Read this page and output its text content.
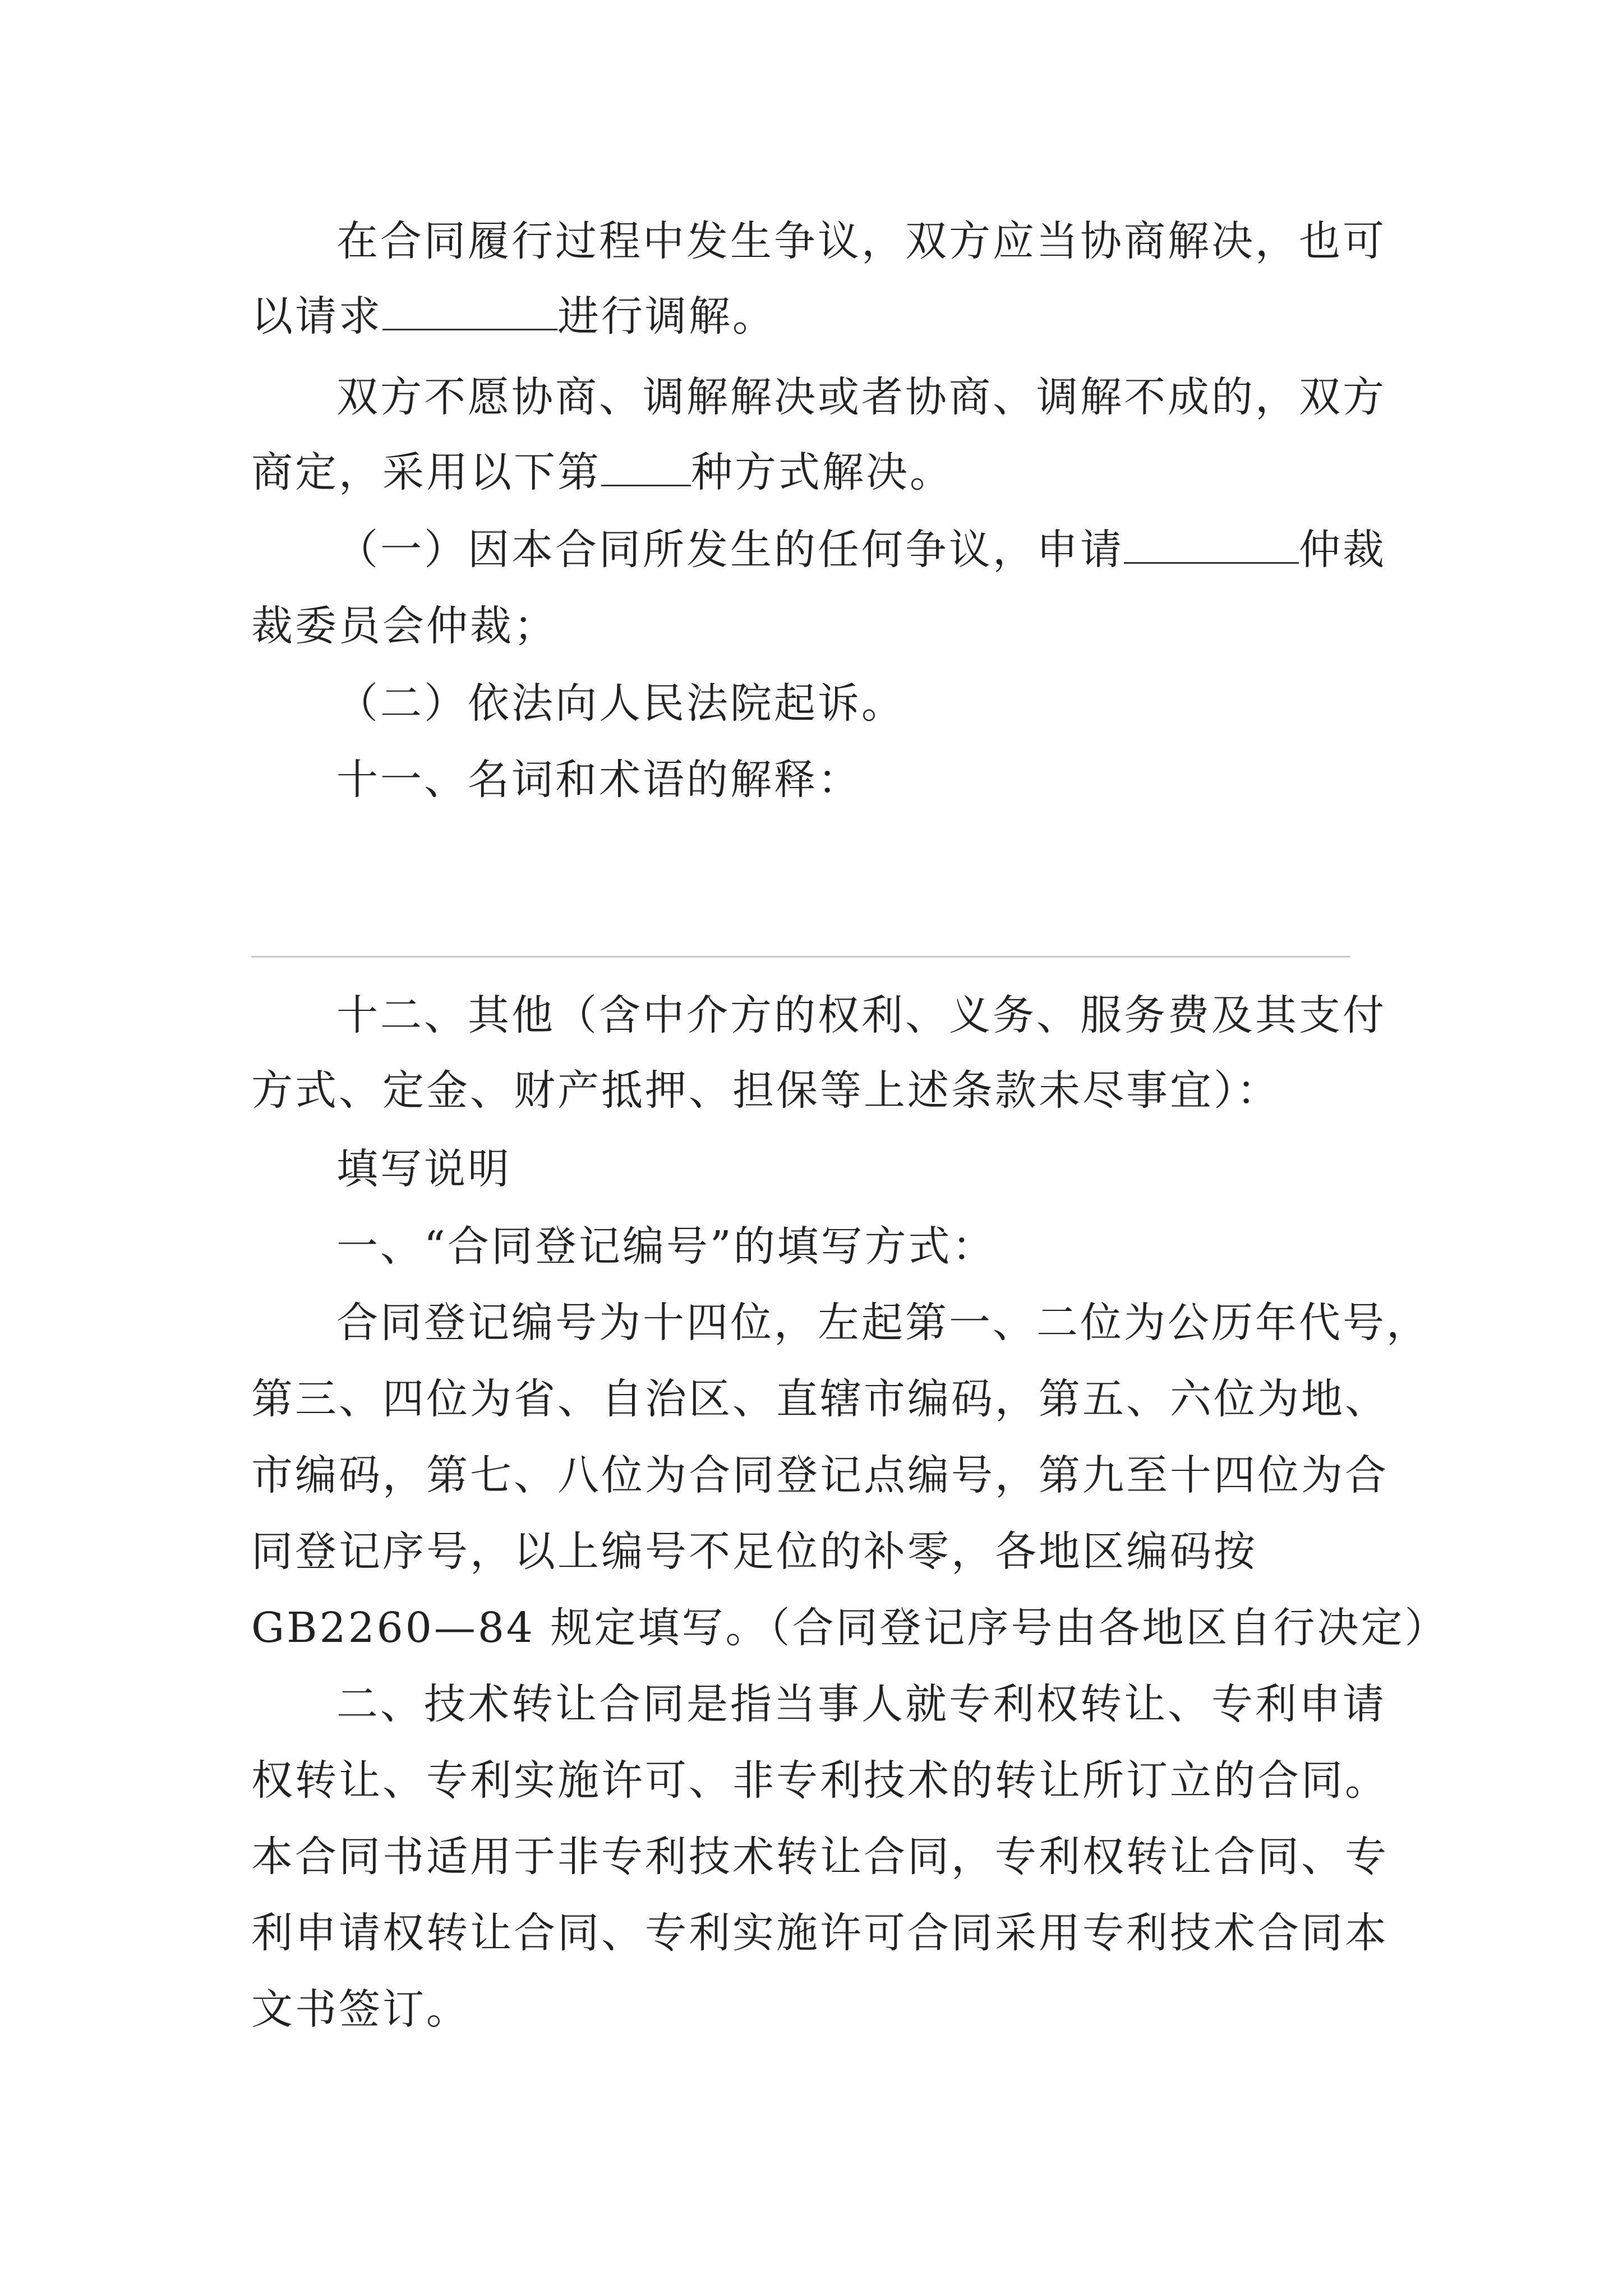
在合同履行过程中发生争议，双方应当协商解决，也可
以请求	进行调解。
双方不愿协商、调解解决或者协商、调解不成的，双方
商定，采用以下第 种方式解决。
（一）因本合同所发生的任何争议，申请	仲裁
裁委员会仲裁；
（二）依法向人民法院起诉。
十一、名词和术语的解释：
十二、其他（含中介方的权利、义务、服务费及其支付
方式、定金、财产抵押、担保等上述条款未尽事宜）：
填写说明
一、“合同登记编号”的填写方式：
合同登记编号为十四位，左起第一、二位为公历年代号，
第三、四位为省、自治区、直辖市编码，第五、六位为地、
市编码，第七、八位为合同登记点编号，第九至十四位为合
同登记序号，以上编号不足位的补零，各地区编码按
GB2260—84 规定填写。（合同登记序号由各地区自行决定）
二、技术转让合同是指当事人就专利权转让、专利申请
权转让、专利实施许可、非专利技术的转让所订立的合同。
本合同书适用于非专利技术转让合同，专利权转让合同、专
利申请权转让合同、专利实施许可合同采用专利技术合同本
文书签订。
